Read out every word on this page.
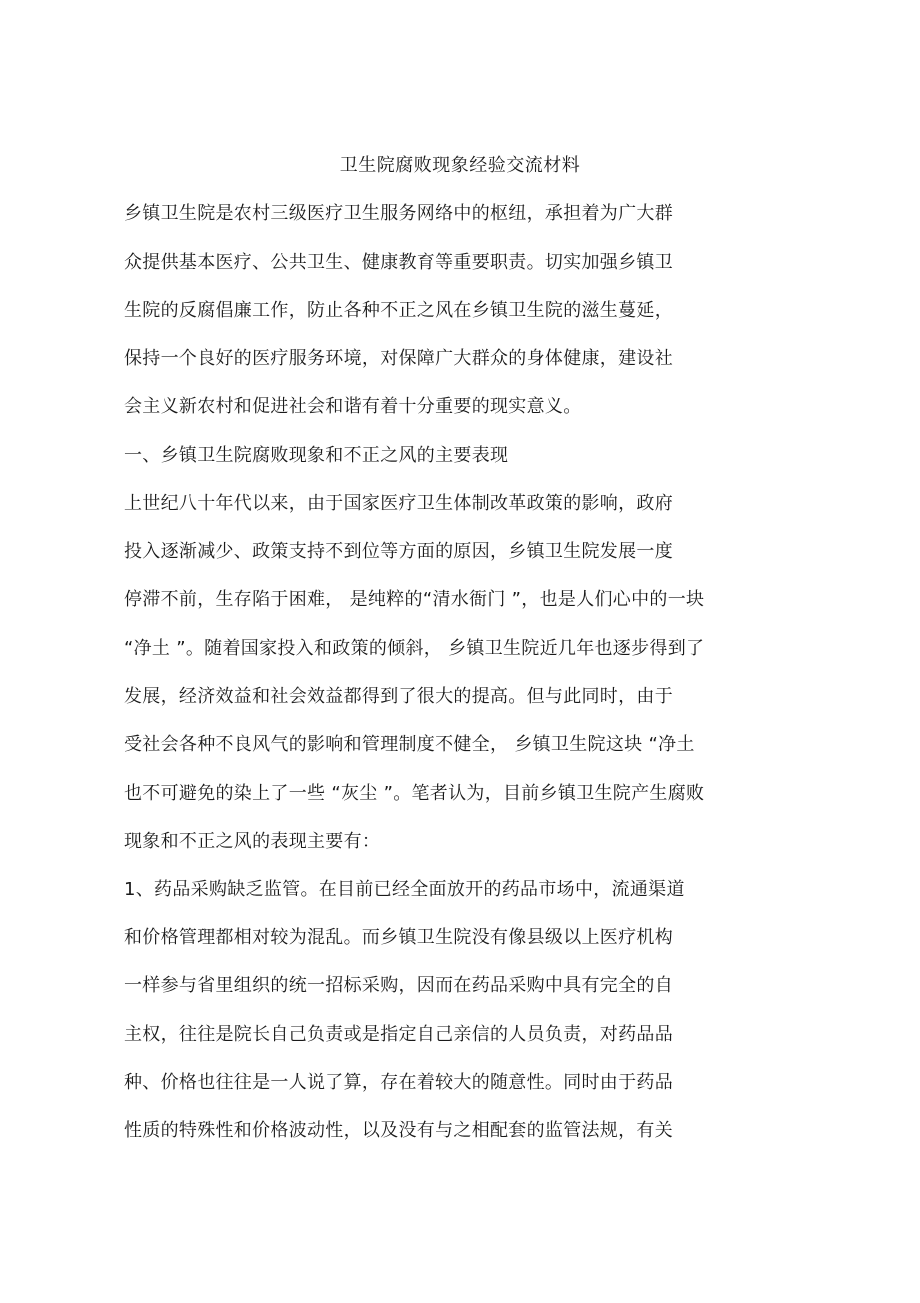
卫生院腐败现象经验交流材料
乡镇卫生院是农村三级医疗卫生服务网络中的枢纽，承担着为广大群
众提供基本医疗、公共卫生、健康教育等重要职责。切实加强乡镇卫
生院的反腐倡廉工作，防止各种不正之风在乡镇卫生院的滋生蔓延，
保持一个良好的医疗服务环境，对保障广大群众的身体健康，建设社
会主义新农村和促进社会和谐有着十分重要的现实意义。
一、乡镇卫生院腐败现象和不正之风的主要表现
上世纪八十年代以来，由于国家医疗卫生体制改革政策的影响，政府
投入逐渐减少、政策支持不到位等方面的原因，乡镇卫生院发展一度
停滞不前，生存陷于困难， 是纯粹的“清水衙门 ”，也是人们心中的一块
“净土 ”。随着国家投入和政策的倾斜， 乡镇卫生院近几年也逐步得到了
发展，经济效益和社会效益都得到了很大的提高。但与此同时，由于
受社会各种不良风气的影响和管理制度不健全， 乡镇卫生院这块 “净土
也不可避免的染上了一些 “灰尘 ”。笔者认为，目前乡镇卫生院产生腐败
现象和不正之风的表现主要有：
1、药品采购缺乏监管。在目前已经全面放开的药品市场中，流通渠道
和价格管理都相对较为混乱。而乡镇卫生院没有像县级以上医疗机构
一样参与省里组织的统一招标采购，因而在药品采购中具有完全的自
主权，往往是院长自己负责或是指定自己亲信的人员负责，对药品品
种、价格也往往是一人说了算，存在着较大的随意性。同时由于药品
性质的特殊性和价格波动性，以及没有与之相配套的监管法规，有关
